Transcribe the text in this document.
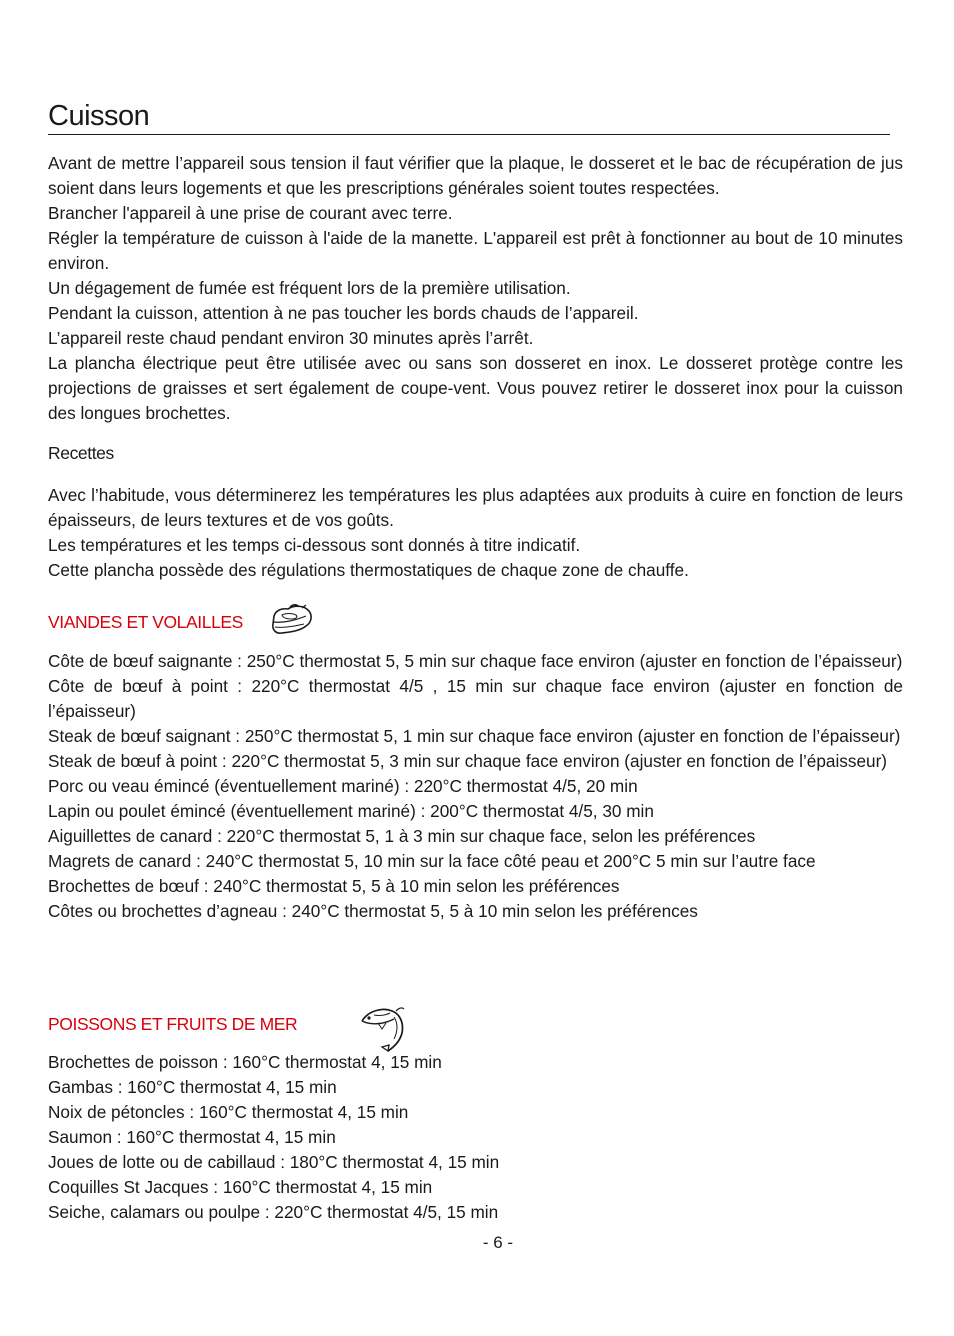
Cuisson

Avant de mettre l’appareil sous tension il faut vérifier que la plaque, le dosseret et le bac de récupération de jus soient dans leurs logements et que les prescriptions générales soient toutes respectées.

Brancher l'appareil à une prise de courant avec terre.

Régler la température de cuisson à l'aide de la manette. L'appareil est prêt à fonctionner au bout de 10 minutes environ.

Un dégagement de fumée est fréquent lors de la première utilisation.

Pendant la cuisson, attention à ne pas toucher les bords chauds de l’appareil.

L’appareil reste chaud pendant environ 30 minutes après l’arrêt.

La plancha électrique peut être utilisée avec ou sans son dosseret en inox. Le dosseret protège contre les projections de graisses et sert également de coupe-vent. Vous pouvez retirer le dosseret inox pour la cuisson des longues brochettes.

Recettes

Avec l’habitude, vous déterminerez les températures les plus adaptées aux produits à cuire en fonction de leurs épaisseurs, de leurs textures et de vos goûts.

Les températures et les temps ci-dessous sont donnés à titre indicatif.

Cette plancha possède des régulations thermostatiques de chaque zone de chauffe.

VIANDES ET VOLAILLES

Côte de bœuf saignante : 250°C thermostat 5, 5 min sur chaque face environ (ajuster en fonction de l’épaisseur)

Côte de bœuf à point : 220°C thermostat 4/5 , 15 min sur chaque face environ (ajuster en fonction de l’épaisseur)

Steak de bœuf saignant : 250°C thermostat 5, 1 min sur chaque face environ (ajuster en fonction de l’épaisseur)

Steak de bœuf à point : 220°C thermostat 5, 3 min sur chaque face environ (ajuster en fonction de l’épaisseur)

Porc ou veau émincé (éventuellement mariné) : 220°C thermostat 4/5, 20 min

Lapin ou poulet émincé (éventuellement mariné) : 200°C thermostat 4/5, 30 min

Aiguillettes de canard : 220°C thermostat 5, 1 à 3 min sur chaque face, selon les préférences

Magrets de canard : 240°C thermostat 5, 10 min sur la face côté peau et 200°C 5 min sur l’autre face

Brochettes de bœuf : 240°C thermostat 5, 5 à 10 min selon les préférences

Côtes ou brochettes d’agneau : 240°C thermostat 5, 5 à 10 min selon les préférences

POISSONS ET FRUITS DE MER

Brochettes de poisson : 160°C thermostat 4, 15 min

Gambas : 160°C thermostat 4, 15 min

Noix de pétoncles : 160°C thermostat 4, 15 min

Saumon : 160°C thermostat 4, 15 min

Joues de lotte ou de cabillaud : 180°C thermostat 4, 15 min

Coquilles St Jacques : 160°C thermostat 4, 15 min

Seiche, calamars ou poulpe : 220°C thermostat 4/5, 15 min

- 6 -
